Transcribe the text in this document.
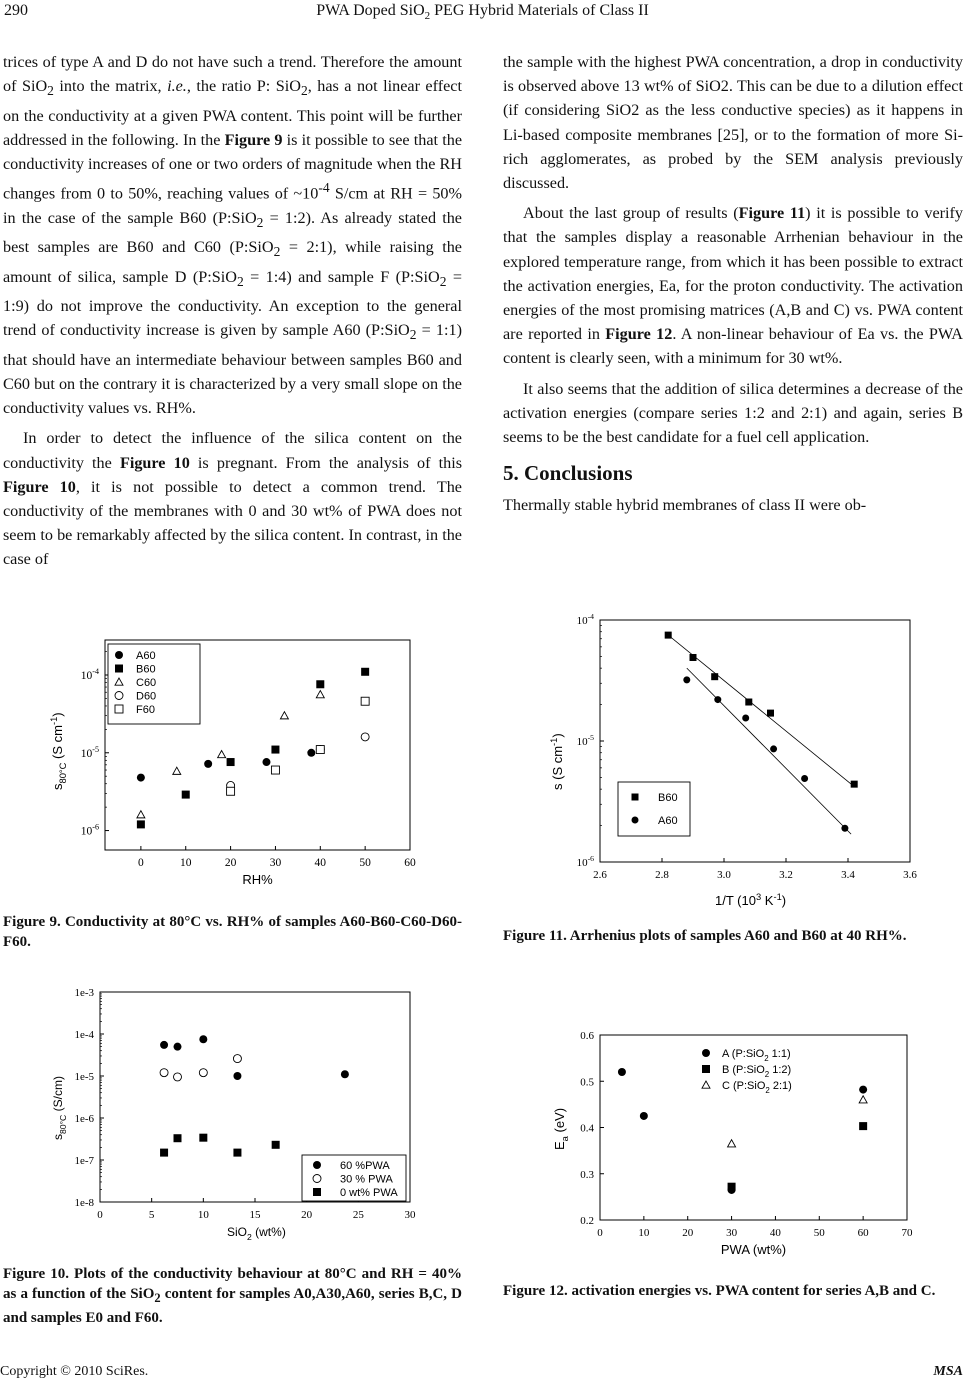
290	PWA Doped SiO$_2$ PEG Hybrid Materials of Class II

trices of type A and D do not have such a trend. Therefore the amount of SiO$_2$ into the matrix, i.e., the ratio P: SiO$_2$, has a not linear effect on the conductivity at a given PWA content. This point will be further addressed in the following. In the Figure 9 is it possible to see that the conductivity increases of one or two orders of magnitude when the RH changes from 0 to 50%, reaching values of $\sim 10^{-4}$ S/cm at RH = 50% in the case of the sample B60 (P:SiO$_2$ = 1:2). As already stated the best samples are B60 and C60 (P:SiO$_2$ = 2:1), while raising the amount of silica, sample D (P:SiO$_2$ = 1:4) and sample F (P:SiO$_2$ = 1:9) do not improve the conductivity. An exception to the general trend of conductivity increase is given by sample A60 (P:SiO$_2$ = 1:1) that should have an intermediate behaviour between samples B60 and C60 but on the contrary it is characterized by a very small slope on the conductivity values vs. RH%.

In order to detect the influence of the silica content on the conductivity the Figure 10 is pregnant. From the analysis of this Figure 10, it is not possible to detect a common trend. The conductivity of the membranes with 0 and 30 wt% of PWA does not seem to be remarkably affected by the silica content. In contrast, in the case of

the sample with the highest PWA concentration, a drop in conductivity is observed above 13 wt% of SiO2. This can be due to a dilution effect (if considering SiO2 as the less conductive species) as it happens in Li-based composite membranes [25], or to the formation of more Si-rich agglomerates, as probed by the SEM analysis previously discussed.

About the last group of results (Figure 11) it is possible to verify that the samples display a reasonable Arrhenian behaviour in the explored temperature range, from which it has been possible to extract the activation energies, Ea, for the proton conductivity. The activation energies of the most promising matrices (A,B and C) vs. PWA content are reported in Figure 12. A non-linear behaviour of Ea vs. the PWA content is clearly seen, with a minimum for 30 wt%.

It also seems that the addition of silica determines a decrease of the activation energies (compare series 1:2 and 2:1) and again, series B seems to be the best candidate for a fuel cell application.

5. Conclusions

Thermally stable hybrid membranes of class II were ob-

0	10	20	30	40	50	60
$10^{-6}$
$10^{-5}$
$10^{-4}$
A60
B60
C60
D60
F60
RH%
$s_{80^\circ C}$ (S $cm^{-1}$)
0	5	10	15	20	25	30
1e-8
1e-7
1e-6
1e-5
1e-4
1e-3
60 %PWA
30 % PWA
0 wt% PWA
SiO$_2$ (wt%)
$s_{80^\circ C}$ (S/cm)
2.6	2.8	3.0	3.2	3.4	3.6
$10^{-6}$
$10^{-5}$
$10^{-4}$
B60
A60
1/T ($10^3$ $K^{-1}$)
s (S $cm^{-1}$)
0	10	20	30	40	50	60	70
0.2
0.3
0.4
0.5
0.6
A (P:SiO$_2$ 1:1)
B (P:SiO$_2$ 1:2)
C (P:SiO$_2$ 2:1)
PWA (wt%)
$E_a$ (eV)
Figure 9. Conductivity at 80°C vs. RH% of samples A60-B60-C60-D60-F60.
Figure 10. Plots of the conductivity behaviour at 80°C and RH = 40% as a function of the SiO$_2$ content for samples A0,A30,A60, series B,C, D and samples E0 and F60.
Figure 11. Arrhenius plots of samples A60 and B60 at 40 RH%.
Figure 12. activation energies vs. PWA content for series A,B and C.
Copyright © 2010 SciRes.	MSA
